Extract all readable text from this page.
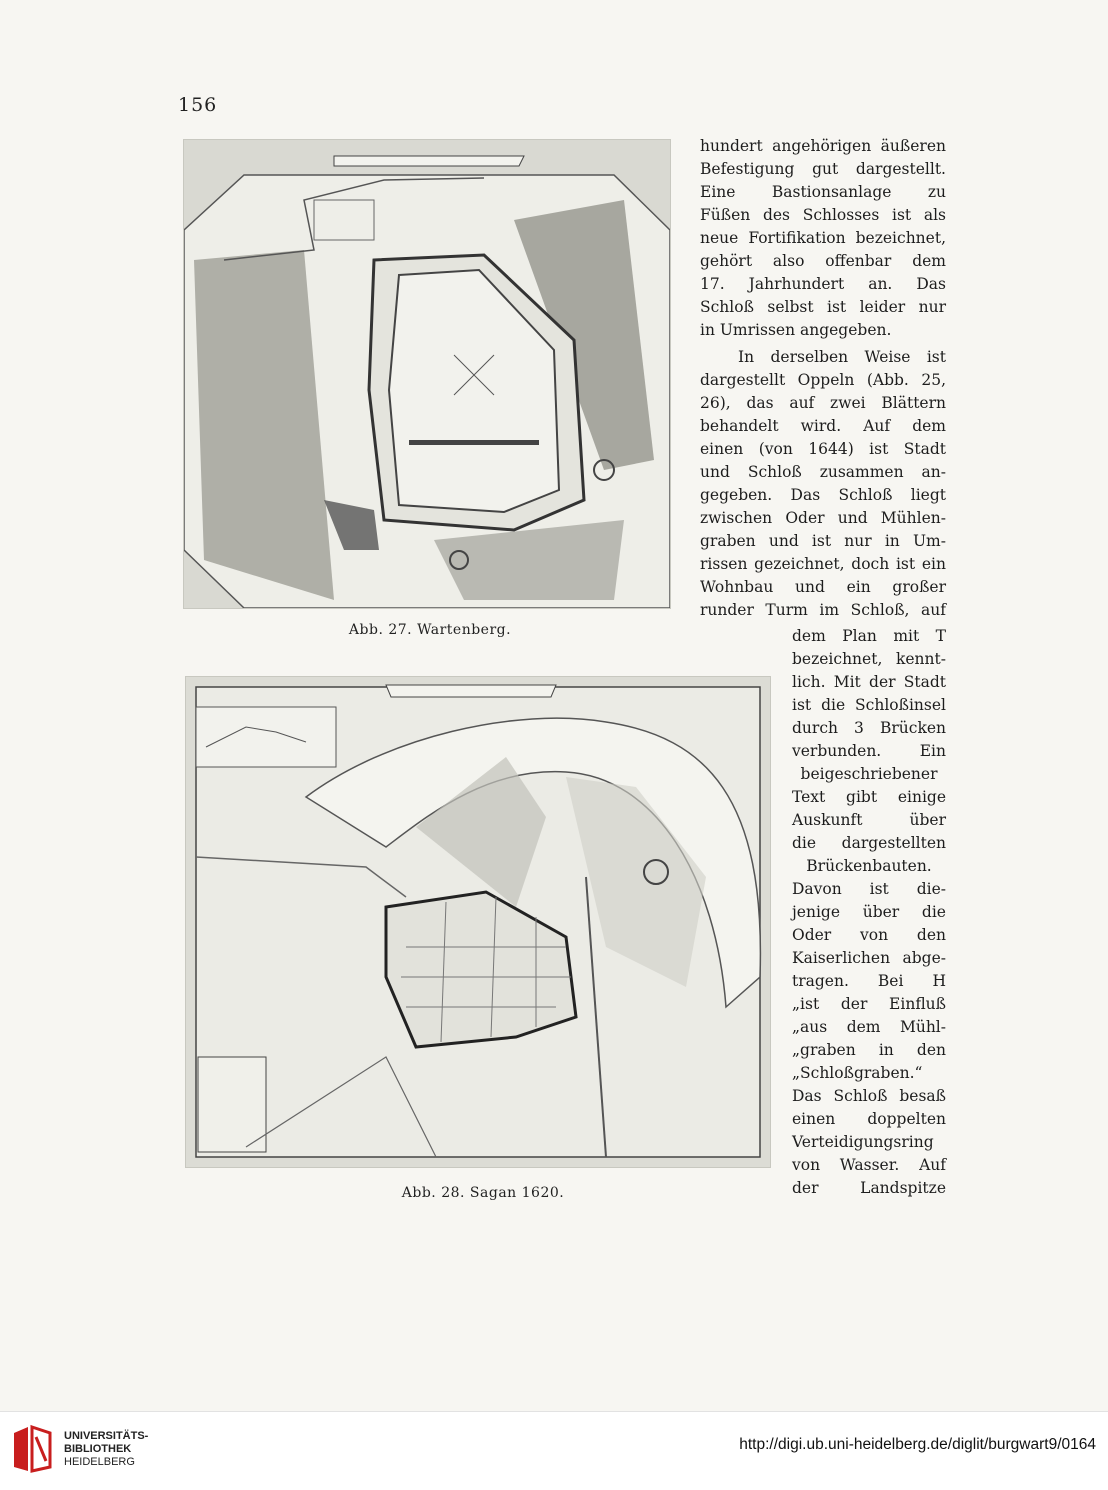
156
Abb. 27. Wartenberg.
Abb. 28. Sagan 1620.
hundert angehörigen äußeren
Befestigung gut dargestellt.
Eine Bastionsanlage zu
Füßen des Schlosses ist als
neue Fortifikation bezeichnet,
gehört also offenbar dem
17. Jahrhundert an. Das
Schloß selbst ist leider nur
in Umrissen angegeben.
In derselben Weise ist
dargestellt Oppeln (Abb. 25,
26), das auf zwei Blättern
behandelt wird. Auf dem
einen (von 1644) ist Stadt
und Schloß zusammen an-
gegeben. Das Schloß liegt
zwischen Oder und Mühlen-
graben und ist nur in Um-
rissen gezeichnet, doch ist ein
Wohnbau und ein großer
runder Turm im Schloß, auf
dem Plan mit T
bezeichnet, kennt-
lich. Mit der Stadt
ist die Schloßinsel
durch 3 Brücken
verbunden. Ein
beigeschriebener
Text gibt einige
Auskunft über
die dargestellten
Brückenbauten.
Davon ist die-
jenige über die
Oder von den
Kaiserlichen abge-
tragen. Bei H
„ist der Einfluß
„aus dem Mühl-
„graben in den
„Schloßgraben.“
Das Schloß besaß
einen doppelten
Verteidigungsring
von Wasser. Auf
der Landspitze
UNIVERSITÄTS-
BIBLIOTHEK
HEIDELBERG
http://digi.ub.uni-heidelberg.de/diglit/burgwart9/0164
